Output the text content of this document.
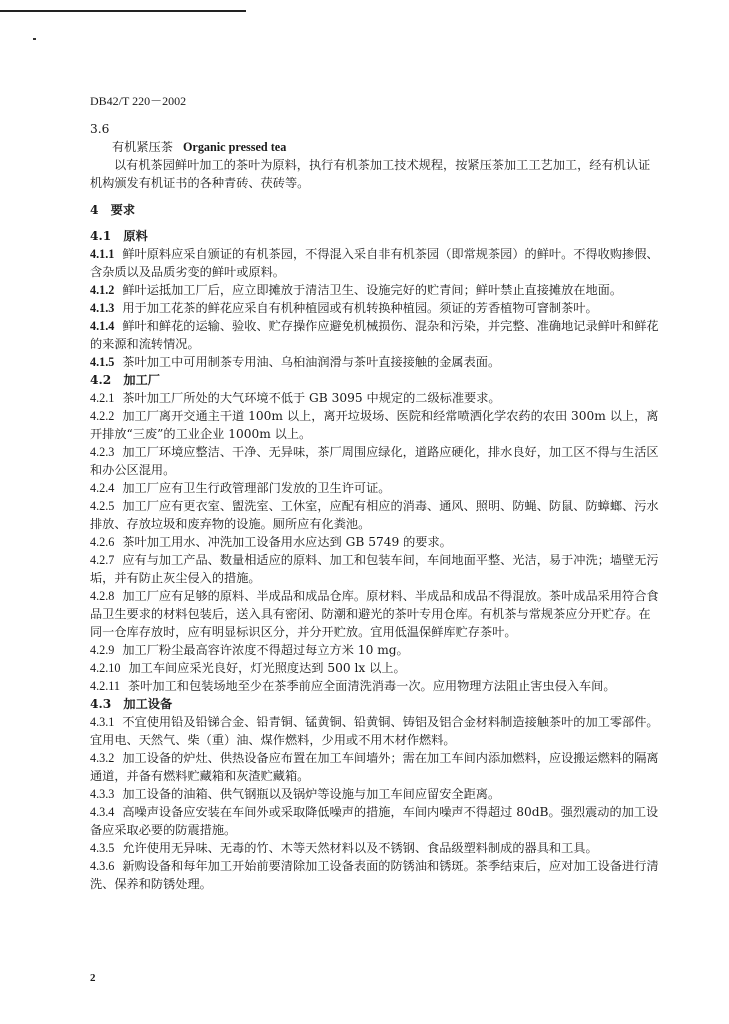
DB42/T 220－2002
3.6
有机紧压茶 Organic pressed tea

以有机茶园鲜叶加工的茶叶为原料，执行有机茶加工技术规程，按紧压茶加工工艺加工，经有机认证机构颁发有机证书的各种青砖、茯砖等。

4　要求
4.1　原料

4.1.1 鲜叶原料应采自颁证的有机茶园，不得混入采自非有机茶园（即常规茶园）的鲜叶。不得收购掺假、含杂质以及品质劣变的鲜叶或原料。

4.1.2 鲜叶运抵加工厂后，应立即摊放于清洁卫生、设施完好的贮青间；鲜叶禁止直接摊放在地面。

4.1.3 用于加工花茶的鲜花应采自有机种植园或有机转换种植园。须证的芳香植物可窨制茶叶。

4.1.4 鲜叶和鲜花的运输、验收、贮存操作应避免机械损伤、混杂和污染，并完整、准确地记录鲜叶和鲜花的来源和流转情况。

4.1.5 茶叶加工中可用制茶专用油、乌桕油润滑与茶叶直接接触的金属表面。

4.2　加工厂

4.2.1 茶叶加工厂所处的大气环境不低于 GB 3095 中规定的二级标准要求。

4.2.2 加工厂离开交通主干道 100m 以上，离开垃圾场、医院和经常喷洒化学农药的农田 300m 以上，离开排放“三废”的工业企业 1000m 以上。

4.2.3 加工厂环境应整洁、干净、无异味，茶厂周围应绿化，道路应硬化，排水良好，加工区不得与生活区和办公区混用。

4.2.4 加工厂应有卫生行政管理部门发放的卫生许可证。

4.2.5 加工厂应有更衣室、盥洗室、工休室，应配有相应的消毒、通风、照明、防蝇、防鼠、防蟑螂、污水排放、存放垃圾和废弃物的设施。厕所应有化粪池。

4.2.6 茶叶加工用水、冲洗加工设备用水应达到 GB 5749 的要求。

4.2.7 应有与加工产品、数量相适应的原料、加工和包装车间，车间地面平整、光洁，易于冲洗；墙壁无污垢，并有防止灰尘侵入的措施。

4.2.8 加工厂应有足够的原料、半成品和成品仓库。原材料、半成品和成品不得混放。茶叶成品采用符合食品卫生要求的材料包装后，送入具有密闭、防潮和避光的茶叶专用仓库。有机茶与常规茶应分开贮存。在同一仓库存放时，应有明显标识区分，并分开贮放。宜用低温保鲜库贮存茶叶。

4.2.9 加工厂粉尘最高容许浓度不得超过每立方米 10 mg。

4.2.10 加工车间应采光良好，灯光照度达到 500 lx 以上。

4.2.11 茶叶加工和包装场地至少在茶季前应全面清洗消毒一次。应用物理方法阻止害虫侵入车间。

4.3　加工设备

4.3.1 不宜使用铅及铅锑合金、铅青铜、锰黄铜、铅黄铜、铸铝及铝合金材料制造接触茶叶的加工零部件。宜用电、天然气、柴（重）油、煤作燃料，少用或不用木材作燃料。

4.3.2 加工设备的炉灶、供热设备应布置在加工车间墙外；需在加工车间内添加燃料，应设搬运燃料的隔离通道，并备有燃料贮藏箱和灰渣贮藏箱。

4.3.3 加工设备的油箱、供气钢瓶以及锅炉等设施与加工车间应留安全距离。

4.3.4 高噪声设备应安装在车间外或采取降低噪声的措施，车间内噪声不得超过 80dB。强烈震动的加工设备应采取必要的防震措施。

4.3.5 允许使用无异味、无毒的竹、木等天然材料以及不锈钢、食品级塑料制成的器具和工具。

4.3.6 新购设备和每年加工开始前要清除加工设备表面的防锈油和锈斑。茶季结束后，应对加工设备进行清洗、保养和防锈处理。

2
